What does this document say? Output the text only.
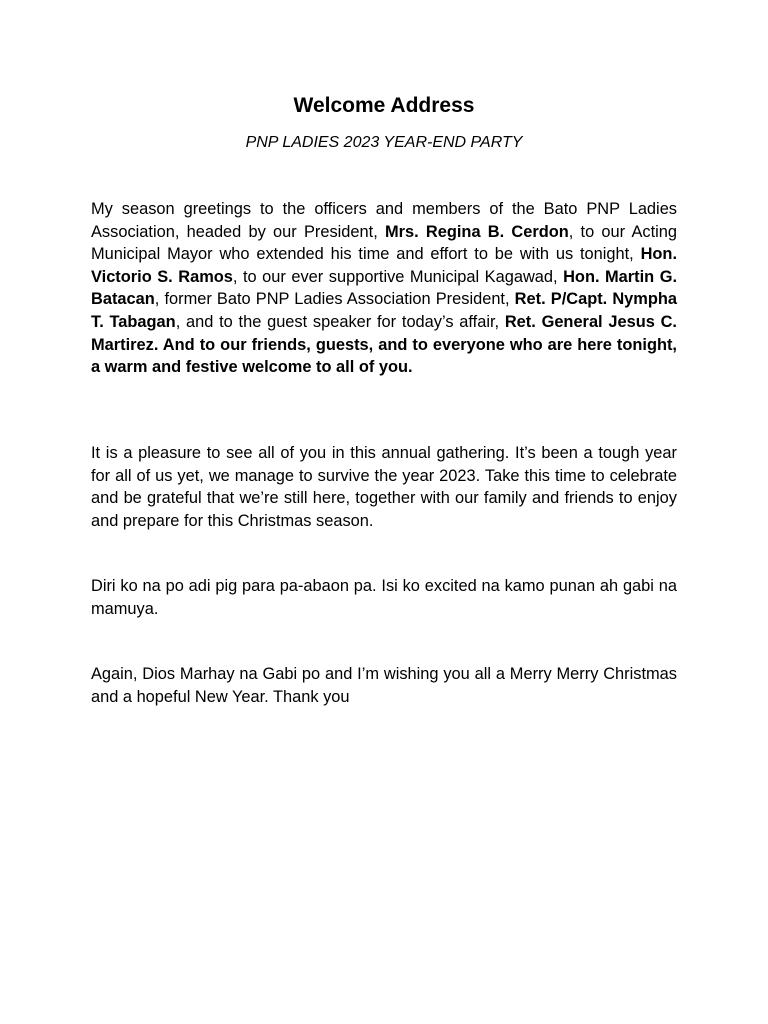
Welcome Address
PNP LADIES 2023 YEAR-END PARTY

My season greetings to the officers and members of the Bato PNP Ladies Association, headed by our President, Mrs. Regina B. Cerdon, to our Acting Municipal Mayor who extended his time and effort to be with us tonight, Hon. Victorio S. Ramos, to our ever supportive Municipal Kagawad, Hon. Martin G. Batacan, former Bato PNP Ladies Association President, Ret. P/Capt. Nympha T. Tabagan, and to the guest speaker for today’s affair, Ret. General Jesus C. Martirez. And to our friends, guests, and to everyone who are here tonight, a warm and festive welcome to all of you.

It is a pleasure to see all of you in this annual gathering. It’s been a tough year for all of us yet, we manage to survive the year 2023. Take this time to celebrate and be grateful that we’re still here, together with our family and friends to enjoy and prepare for this Christmas season.

Diri ko na po adi pig para pa-abaon pa. Isi ko excited na kamo punan ah gabi na mamuya.

Again, Dios Marhay na Gabi po and I’m wishing you all a Merry Merry Christmas and a hopeful New Year. Thank you
